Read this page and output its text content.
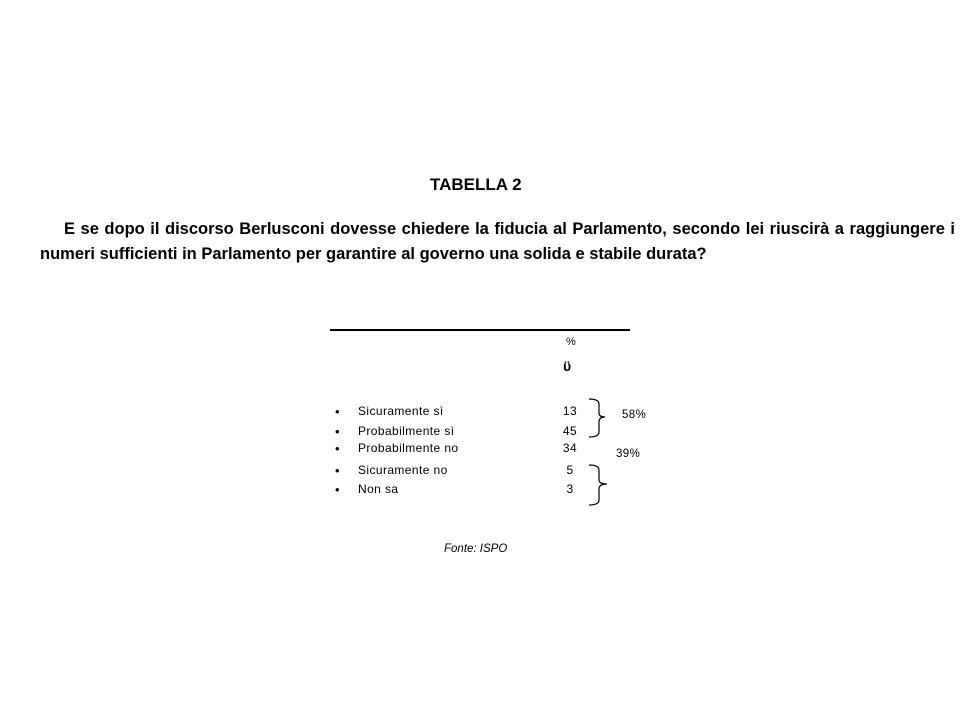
TABELLA 2
E se dopo il discorso Berlusconi dovesse chiedere la fiducia al Parlamento, secondo lei riuscirà a raggiungere i numeri sufficienti in Parlamento per garantire al governo una solida e stabile durata?
%
ϋ
• Sicuramente sì	13
• Probabilmente sì	45
• Probabilmente no	34
• Sicuramente no	5
• Non sa	3
58%
39%
Fonte: ISPO
